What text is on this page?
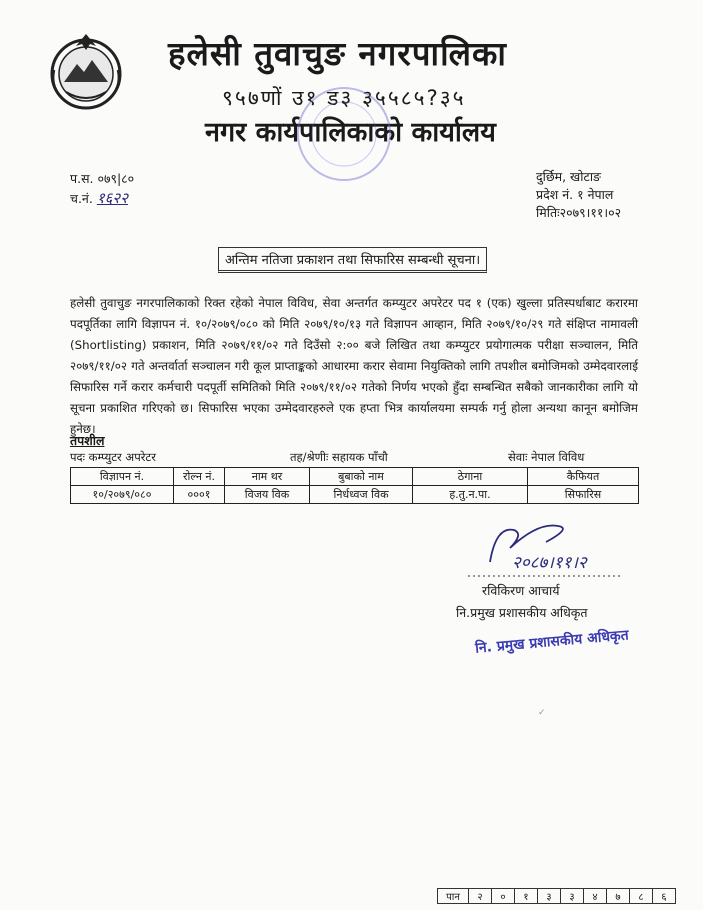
हलेसी तुवाचुङ नगरपालिका
९५७णों उ१ ड३ ३५५८५?३५
नगर कार्यपालिकाको कार्यालय
प.स. ०७९|८०
च.नं. १६२२
दुर्छिम, खोटाङ
प्रदेश नं. १ नेपाल
मितिः२०७९।११।०२
अन्तिम नतिजा प्रकाशन तथा सिफारिस सम्बन्धी सूचना।
हलेसी तुवाचुङ नगरपालिकाको रिक्त रहेको नेपाल विविध, सेवा अन्तर्गत कम्प्युटर अपरेटर पद १ (एक) खुल्ला प्रतिस्पर्धाबाट करारमा पदपूर्तिका लागि विज्ञापन नं. १०/२०७९/०८० को मिति २०७९/१०/१३ गते विज्ञापन आव्हान, मिति २०७९/१०/२९ गते संक्षिप्त नामावली (Shortlisting) प्रकाशन, मिति २०७९/११/०२ गते दिउँसो २:०० बजे लिखित तथा कम्प्युटर प्रयोगात्मक परीक्षा सञ्चालन, मिति २०७९/११/०२ गते अन्तर्वार्ता सञ्चालन गरी कूल प्राप्ताङ्कको आधारमा करार सेवामा नियुक्तिको लागि तपशील बमोजिमको उम्मेदवारलाई सिफारिस गर्ने करार कर्मचारी पदपूर्ती समितिको मिति २०७९/११/०२ गतेको निर्णय भएको हुँदा सम्बन्धित सबैको जानकारीका लागि यो सूचना प्रकाशित गरिएको छ। सिफारिस भएका उम्मेदवारहरुले एक हप्ता भित्र कार्यालयमा सम्पर्क गर्नु होला अन्यथा कानून बमोजिम हुनेछ।
तपशील
पदः कम्प्युटर अपरेटर	तह/श्रेणीः सहायक पाँचौ	सेवाः नेपाल विविध
विज्ञापन नं.	रोल्न नं.	नाम थर	बुबाको नाम	ठेगाना	कैफियत
१०/२०७९/०८०	०००१	विजय विक	निर्धध्वज विक	ह.तु.न.पा.	सिफारिस
२०८७।११।२
रविकिरण आचार्य
नि.प्रमुख प्रशासकीय अधिकृत
नि. प्रमुख प्रशासकीय अधिकृत
✓
पान	२	०	१	३	३	४	७	८	६
